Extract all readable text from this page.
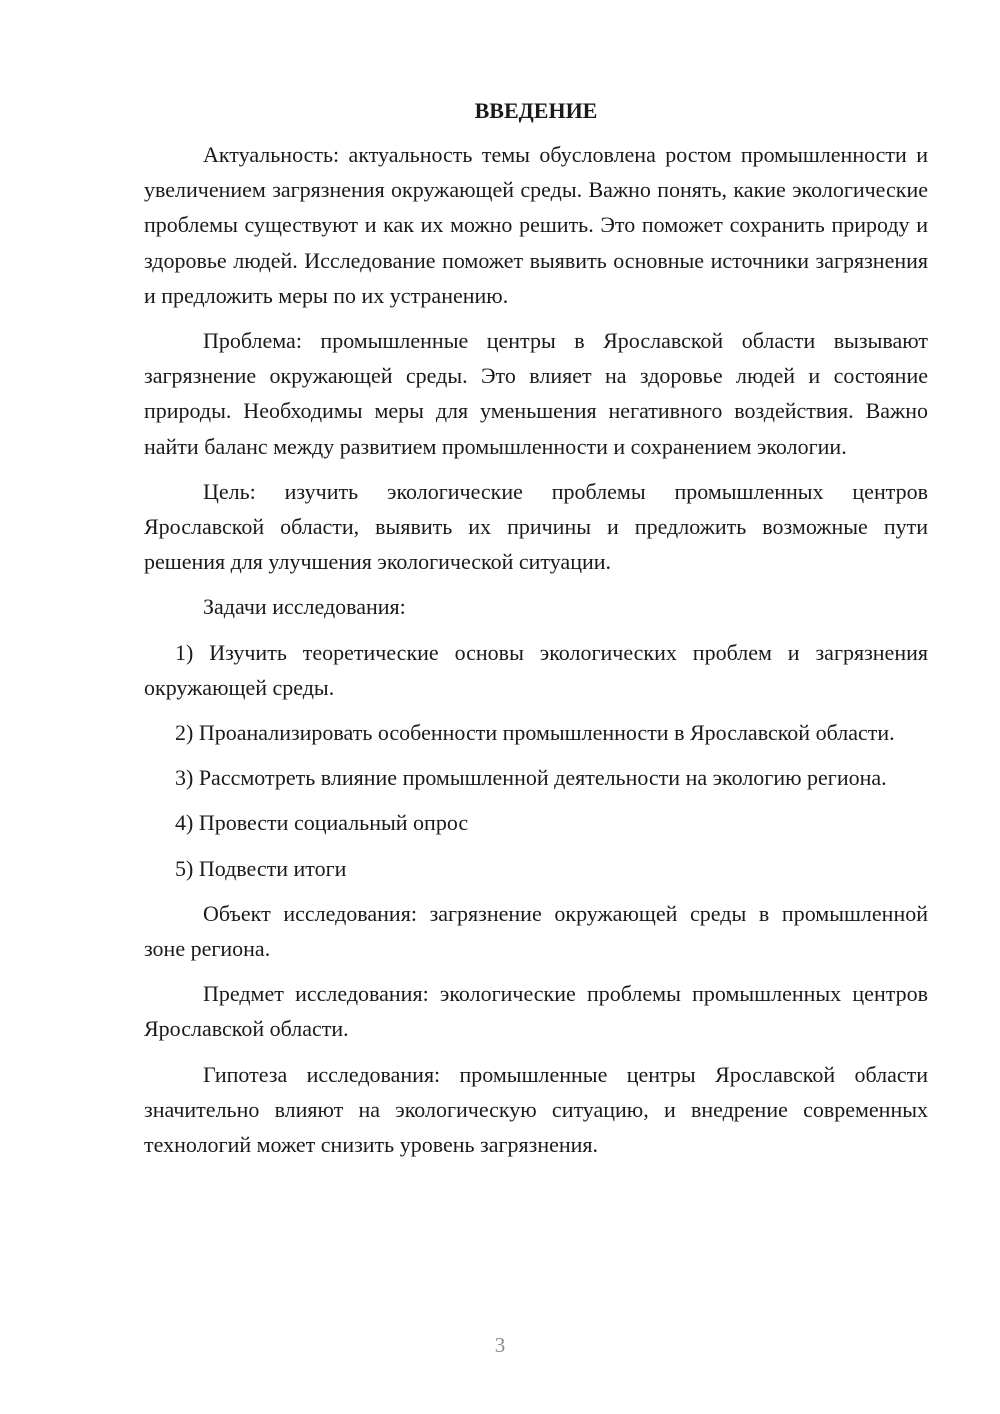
ВВЕДЕНИЕ

Актуальность: актуальность темы обусловлена ростом промышленности и увеличением загрязнения окружающей среды. Важно понять, какие экологические проблемы существуют и как их можно решить. Это поможет сохранить природу и здоровье людей. Исследование поможет выявить основные источники загрязнения и предложить меры по их устранению.

Проблема: промышленные центры в Ярославской области вызывают загрязнение окружающей среды. Это влияет на здоровье людей и состояние природы. Необходимы меры для уменьшения негативного воздействия. Важно найти баланс между развитием промышленности и сохранением экологии.

Цель: изучить экологические проблемы промышленных центров Ярославской области, выявить их причины и предложить возможные пути решения для улучшения экологической ситуации.

Задачи исследования:

1) Изучить теоретические основы экологических проблем и загрязнения окружающей среды.

2) Проанализировать особенности промышленности в Ярославской области.

3) Рассмотреть влияние промышленной деятельности на экологию региона.

4) Провести социальный опрос

5) Подвести итоги

Объект исследования: загрязнение окружающей среды в промышленной зоне региона.

Предмет исследования: экологические проблемы промышленных центров Ярославской области.

Гипотеза исследования: промышленные центры Ярославской области значительно влияют на экологическую ситуацию, и внедрение современных технологий может снизить уровень загрязнения.

3
